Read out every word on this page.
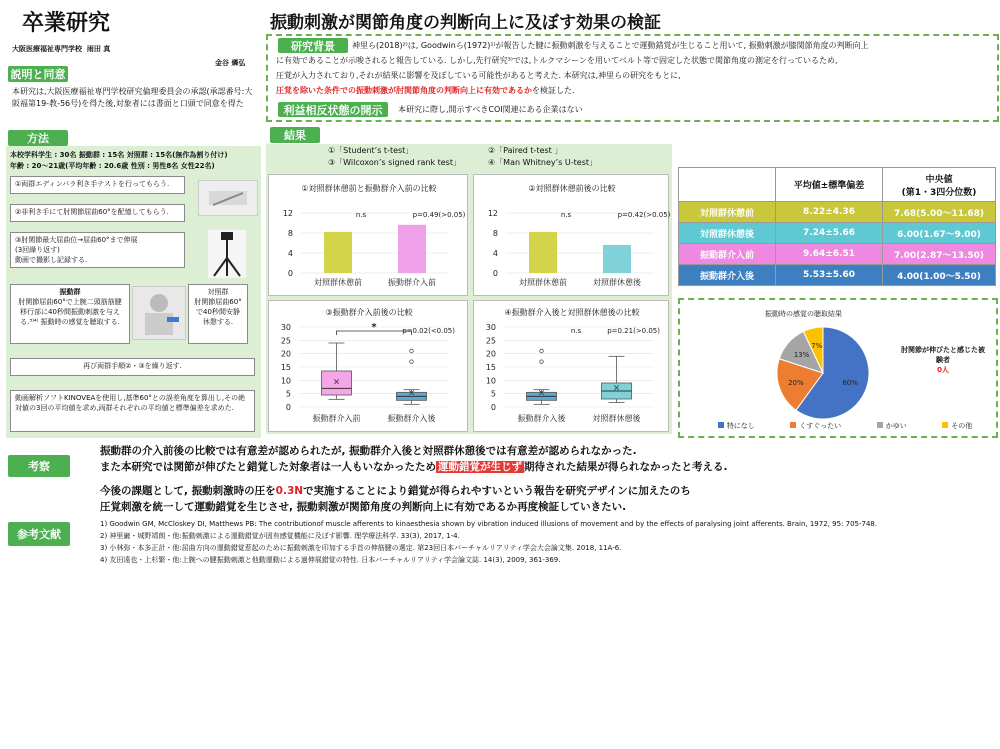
卒業研究
大阪医療福祉専門学校 雨田 真
金谷 燐弘
説明と同意
本研究は,大阪医療福祉専門学校研究倫理委員会の承認(承認番号:大阪福第19-教-56号)を得た後,対象者には書面と口頭で同意を得た
方法
本校学科学生 : 30名 振動群 : 15名 対照群 : 15名(無作為割り付け)
年齢 : 20～21歳(平均年齢 : 20.6歳 性別 : 男性8名 女性22名)
①両群エディンバラ利き手テストを行ってもらう.
②非利き手にて肘関節屈曲60°を配憶してもらう.
③肘関節最大屈曲位→屈曲60°まで伸展
(3回繰り返す)
動画で撮影し記録する.
振動群
肘関節屈曲60°で上腕二頭筋筋腱移行部に40秒間振動刺激を与える.³⁾⁴⁾ 振動時の感覚を聴取する.
対照群
肘関節屈曲60°で40秒間安静休憩する.
再び両群手順②・③を繰り返す.
動画解析ソフトKINOVEAを使用し,基準60°との誤差角度を算出し,その絶対値の3回の平均値を求め,両群それぞれの平均値と標準偏差を求めた.
振動刺激が関節角度の判断向上に及ぼす効果の検証
研究背景	神里ら(2018)²⁾は, Goodwinら(1972)¹⁾が報告した腱に振動刺激を与えることで運動錯覚が生じること用いて, 振動刺激が膝関節角度の判断向上
に有効であることが示唆されると報告している. しかし,先行研究³⁾では,トルクマシーンを用いてベルト等で固定した状態で関節角度の測定を行っているため,
圧覚が入力されており,それが結果に影響を及ぼしている可能性があると考えた. 本研究は,神里らの研究をもとに,
圧覚を除いた条件での振動刺激が肘関節角度の判断向上に有効であるかを検証した.
利益相反状態の開示	本研究に際し,開示すべきCOI関連にある企業はない
結果
①「Student’s t-test」	②「Paired t-test 」
③「Wilcoxon’s signed rank test」	④「Man Whitney’s U-test」
①対照群休憩前と振動群介入前の比較
0
4
8
12
対照群休憩前	振動群介入前
n.s	p=0.49(>0.05)
②対照群休憩前後の比較
0
4
8
12
対照群休憩前	対照群休憩後
n.s	p=0.42(>0.05)
③振動群介入前後の比較
0
5
10
15
20
25
30
×
振動群介入前
×
振動群介入後
*	p=0.02(<0.05)
④振動群介入後と対照群休憩後の比較
0
5
10
15
20
25
30
×
振動群介入後
×
対照群休憩後
n.s	p=0.21(>0.05)
	平均値±標準偏差	中央値
(第1・3四分位数)

対照群休憩前	8.22±4.36	7.68(5.00～11.68)
対照群休憩後	7.24±5.66	6.00(1.67～9.00)
振動群介入前	9.64±6.51	7.00(2.87～13.50)
振動群介入後	5.53±5.60	4.00(1.00～5.50)
振動時の感覚の聴取結果
60%
20%
13%
7%	肘関節が伸びたと感じた被験者
0人
特になし	くすぐったい	かゆい	その他
考察
振動群の介入前後の比較では有意差が認められたが, 振動群介入後と対照群休憩後では有意差が認められなかった.
また本研究では関節が伸びたと錯覚した対象者は一人もいなかったため 運動錯覚が生じず 期待された結果が得られなかったと考える.
今後の課題として, 振動刺激時の圧を0.3Nで実施することにより錯覚が得られやすいという報告を研究デザインに加えたのち
圧覚刺激を統一して運動錯覚を生じさせ, 振動刺激が関節角度の判断向上に有効であるか再度検証していきたい.
参考文献
1) Goodwin GM, McCloskey DI, Matthews PB: The contributionof muscle afferents to kinaesthesia shown by vibration induced illusions of movement and by the effects of paralysing joint afferents. Brain, 1972, 95: 705-748.
2) 神里巌・城野靖朗・他:振動刺激による運動錯覚が固有感覚機能に及ぼす影響. 理学療法科学. 33(3), 2017, 1-4.
3) 小林弥・本多正計・他:屈曲方向の運動錯覚惹起のために振動刺激を印加する手首の伸筋腱の選定. 第23回日本バーチャルリアリティ学会大会論文集. 2018, 11A-6.
4) 友田遠也・上杉繁・他:上腕への腱振動刺激と他動運動による過伸展錯覚の特性. 日本バーチャルリアリティ学会論文誌. 14(3), 2009, 361-369.
